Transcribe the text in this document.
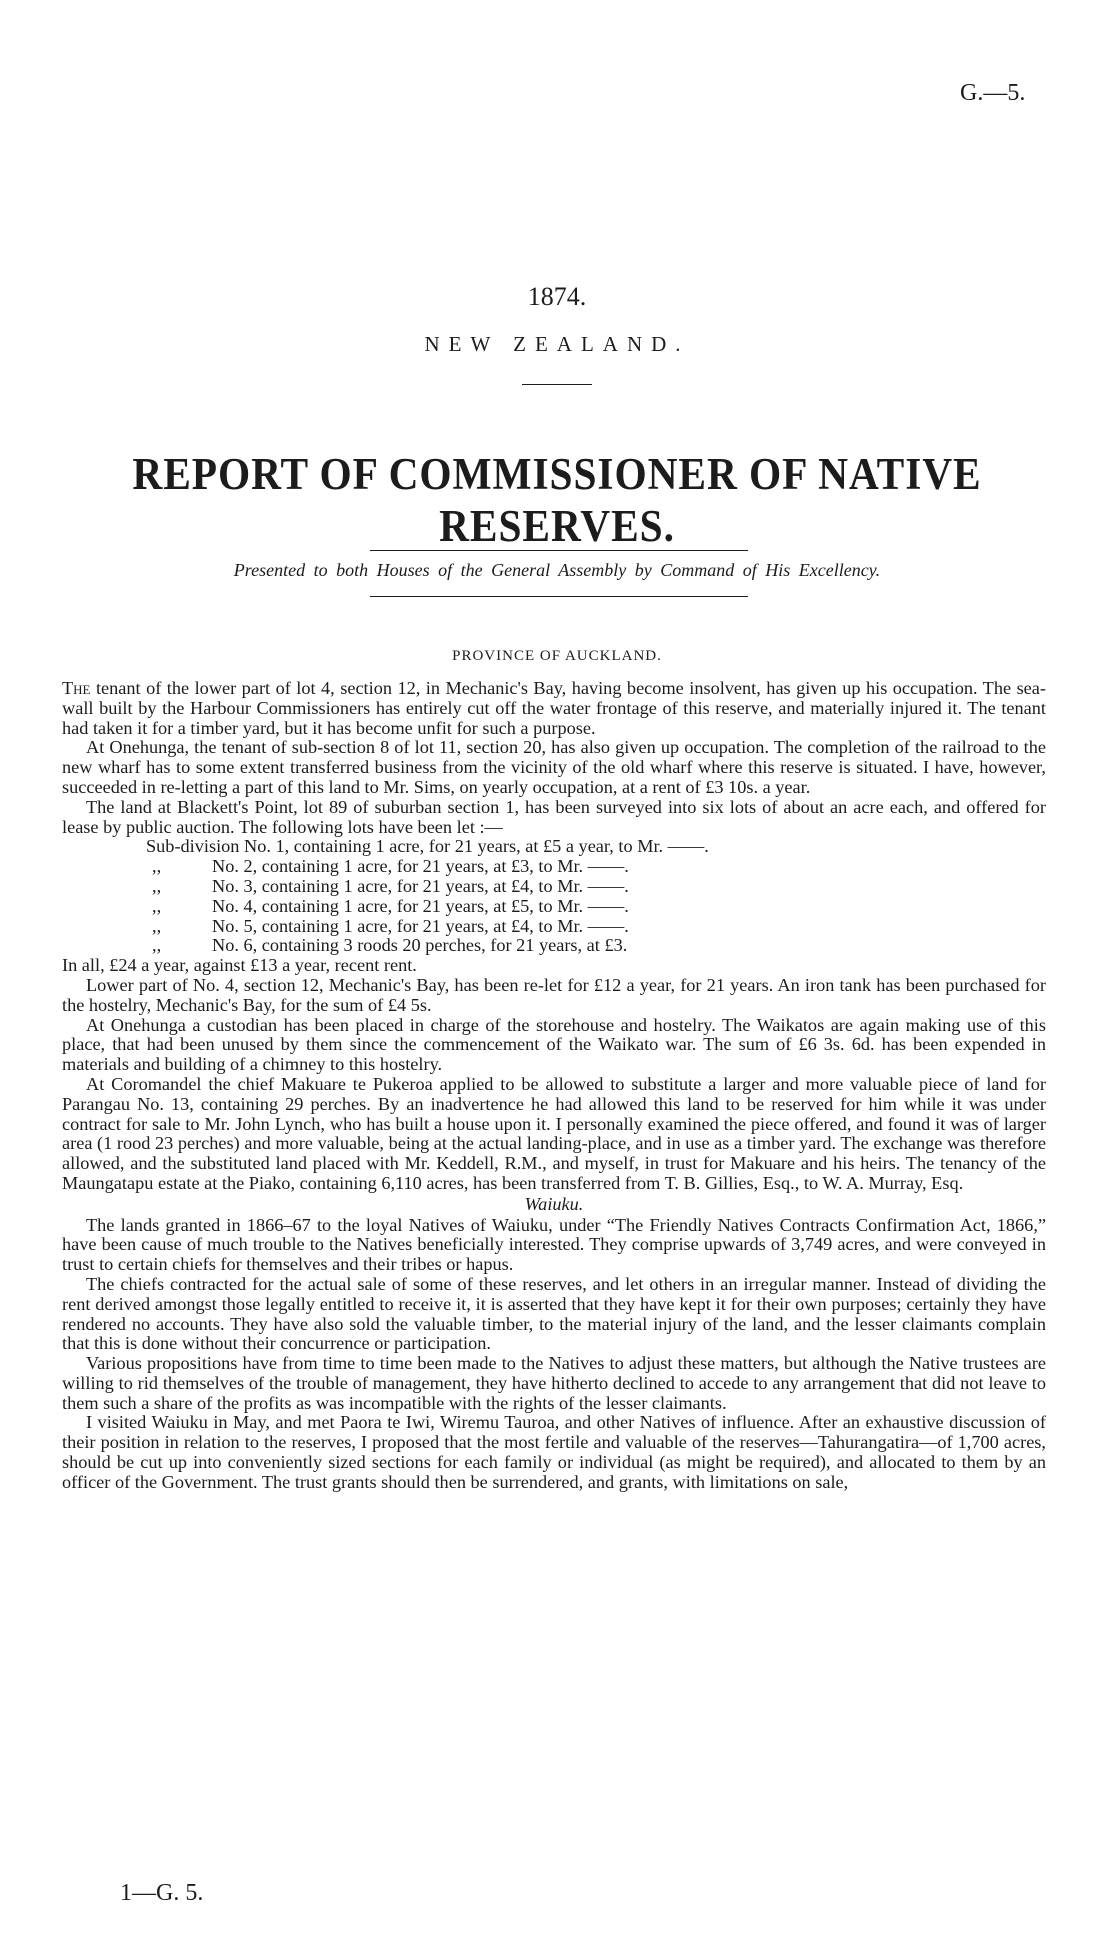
G.—5.
1874.
NEW ZEALAND.
REPORT OF COMMISSIONER OF NATIVE RESERVES.
Presented to both Houses of the General Assembly by Command of His Excellency.
PROVINCE OF AUCKLAND.

The tenant of the lower part of lot 4, section 12, in Mechanic's Bay, having become insolvent, has given up his occupation. The sea-wall built by the Harbour Commissioners has entirely cut off the water frontage of this reserve, and materially injured it. The tenant had taken it for a timber yard, but it has become unfit for such a purpose.

At Onehunga, the tenant of sub-section 8 of lot 11, section 20, has also given up occupation. The completion of the railroad to the new wharf has to some extent transferred business from the vicinity of the old wharf where this reserve is situated. I have, however, succeeded in re-letting a part of this land to Mr. Sims, on yearly occupation, at a rent of £3 10s. a year.

The land at Blackett's Point, lot 89 of suburban section 1, has been surveyed into six lots of about an acre each, and offered for lease by public auction. The following lots have been let :—

Sub-division No. 1, containing 1 acre, for 21 years, at £5 a year, to Mr. ——.
,,	No. 2, containing 1 acre, for 21 years, at £3, to Mr. ——.
,,	No. 3, containing 1 acre, for 21 years, at £4, to Mr. ——.
,,	No. 4, containing 1 acre, for 21 years, at £5, to Mr. ——.
,,	No. 5, containing 1 acre, for 21 years, at £4, to Mr. ——.
,,	No. 6, containing 3 roods 20 perches, for 21 years, at £3.

In all, £24 a year, against £13 a year, recent rent.

Lower part of No. 4, section 12, Mechanic's Bay, has been re-let for £12 a year, for 21 years. An iron tank has been purchased for the hostelry, Mechanic's Bay, for the sum of £4 5s.

At Onehunga a custodian has been placed in charge of the storehouse and hostelry. The Waikatos are again making use of this place, that had been unused by them since the commencement of the Waikato war. The sum of £6 3s. 6d. has been expended in materials and building of a chimney to this hostelry.

At Coromandel the chief Makuare te Pukeroa applied to be allowed to substitute a larger and more valuable piece of land for Parangau No. 13, containing 29 perches. By an inadvertence he had allowed this land to be reserved for him while it was under contract for sale to Mr. John Lynch, who has built a house upon it. I personally examined the piece offered, and found it was of larger area (1 rood 23 perches) and more valuable, being at the actual landing-place, and in use as a timber yard. The exchange was therefore allowed, and the substituted land placed with Mr. Keddell, R.M., and myself, in trust for Makuare and his heirs. The tenancy of the Maungatapu estate at the Piako, containing 6,110 acres, has been transferred from T. B. Gillies, Esq., to W. A. Murray, Esq.

Waiuku.

The lands granted in 1866–67 to the loyal Natives of Waiuku, under “The Friendly Natives Contracts Confirmation Act, 1866,” have been cause of much trouble to the Natives beneficially interested. They comprise upwards of 3,749 acres, and were conveyed in trust to certain chiefs for themselves and their tribes or hapus.

The chiefs contracted for the actual sale of some of these reserves, and let others in an irregular manner. Instead of dividing the rent derived amongst those legally entitled to receive it, it is asserted that they have kept it for their own purposes; certainly they have rendered no accounts. They have also sold the valuable timber, to the material injury of the land, and the lesser claimants complain that this is done without their concurrence or participation.

Various propositions have from time to time been made to the Natives to adjust these matters, but although the Native trustees are willing to rid themselves of the trouble of management, they have hitherto declined to accede to any arrangement that did not leave to them such a share of the profits as was incompatible with the rights of the lesser claimants.

I visited Waiuku in May, and met Paora te Iwi, Wiremu Tauroa, and other Natives of influence. After an exhaustive discussion of their position in relation to the reserves, I proposed that the most fertile and valuable of the reserves—Tahurangatira—of 1,700 acres, should be cut up into conveniently sized sections for each family or individual (as might be required), and allocated to them by an officer of the Government. The trust grants should then be surrendered, and grants, with limitations on sale,

1—G. 5.
